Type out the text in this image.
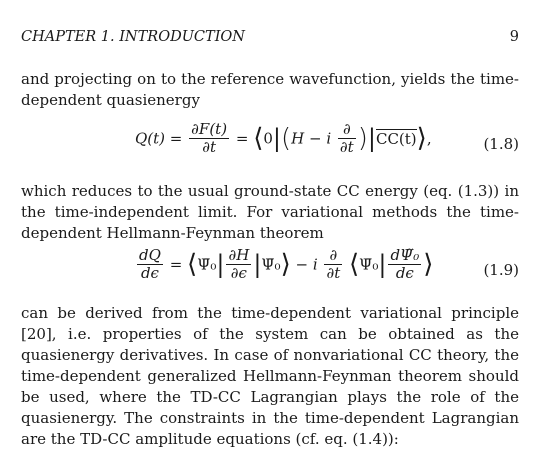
CHAPTER 1. INTRODUCTION	9
and projecting on to the reference wavefunction, yields the time-dependent quasienergy
$Q(t) = \frac{\partial F(t)}{\partial t}$ = ⟨0|(H − i $\frac{\partial}{\partial t}$ )|CC(t)⟩,	(1.8)
which reduces to the usual ground-state CC energy (eq. (1.3)) in the time-independent limit. For variational methods the time-dependent Hellmann-Feynman theorem
$\frac{dQ}{d\epsilon}$ = ⟨Ψ̄₀| $\frac{\partial H}{\partial\epsilon}$ |Ψ̄₀⟩ − i $\frac{\partial}{\partial t}$ ⟨Ψ̄₀| $\frac{\text{dΨ̃₀}}{d\epsilon}$ ⟩	(1.9)
can be derived from the time-dependent variational principle [20], i.e. properties of the system can be obtained as the quasienergy derivatives. In case of nonvariational CC theory, the time-dependent generalized Hellmann-Feynman theorem should be used, where the TD-CC Lagrangian plays the role of the quasienergy. The constraints in the time-dependent Lagrangian are the TD-CC amplitude equations (cf. eq. (1.4)):
